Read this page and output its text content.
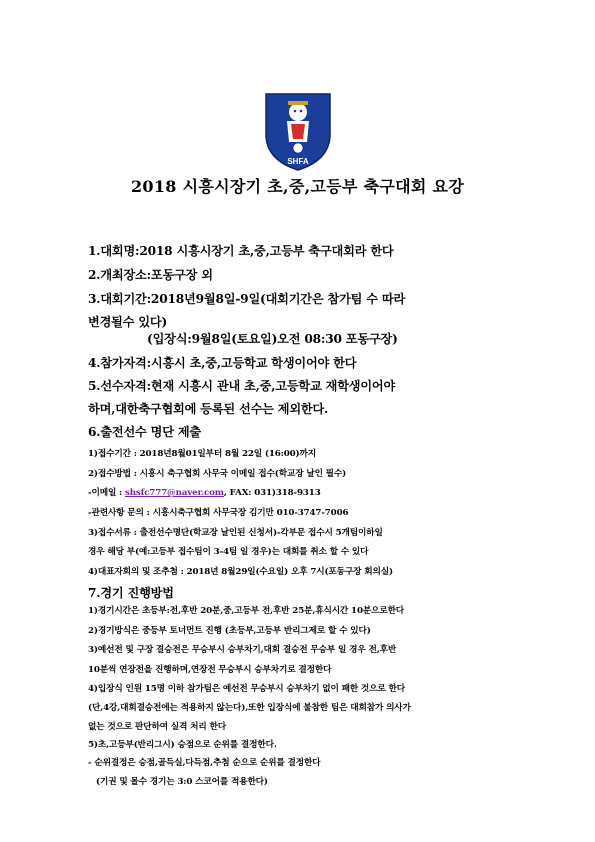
SHFA
2018 시흥시장기 초,중,고등부 축구대회 요강
1.대회명:2018 시흥시장기 초,중,고등부 축구대회라 한다
2.개최장소:포동구장 외
3.대회기간:2018년9월8일-9일(대회기간은 참가팀 수 따라
변경될수 있다)
(입장식:9월8일(토요일)오전 08:30 포동구장)
4.참가자격:시흥시 초,중,고등학교 학생이어야 한다
5.선수자격:현재 시흥시 관내 초,중,고등학교 재학생이어야
하며,대한축구협회에 등록된 선수는 제외한다.
6.출전선수 명단 제출
1)접수기간 : 2018년8월01일부터 8월 22일 (16:00)까지
2)접수방법 : 시흥시 축구협회 사무국 이메일 접수(학교장 날인 필수)
-이메일 : shsfc777@naver.com, FAX: 031)318-9313
-관련사항 문의 : 시흥시축구협회 사무국장 김기만 010-3747-7006
3)접수서류 : 출전선수명단(학교장 날인된 신청서)-각부문 접수시 5개팀이하일
경우 해당 부(예:고등부 접수팀이 3-4팀 일 경우)는 대회를 취소 할 수 있다
4)대표자회의 및 조추첨 : 2018년 8월29일(수요일) 오후 7시(포동구장 회의실)
7.경기 진행방법
1)경기시간은 초등부:전,후반 20분,중,고등부 전,후반 25분,휴식시간 10분으로한다
2)경기방식은 중등부 토너먼트 진행 (초등부,고등부 반리그제로 할 수 있다)
3)예선전 및 구장 결승전은 무승부시 승부차기,대회 결승전 무승부 일 경우 전,후반
10분씩 연장전을 진행하며,연장전 무승부시 승부차기로 결정한다
4)입장식 인원 15명 이하 참가팀은 예선전 무승부시 승부차기 없이 패한 것으로 한다
(단,4강,대회결승전에는 적용하지 않는다),또한 입장식에 불참한 팀은 대회참가 의사가
없는 것으로 판단하여 실격 처리 한다
5)초,고등부(반리그시) 승점으로 순위를 결정한다.
- 순위결정은 승점,골득실,다득점,추첨 순으로 순위를 결정한다
(기권 및 몰수 경기는 3:0 스코어를 적용한다)
